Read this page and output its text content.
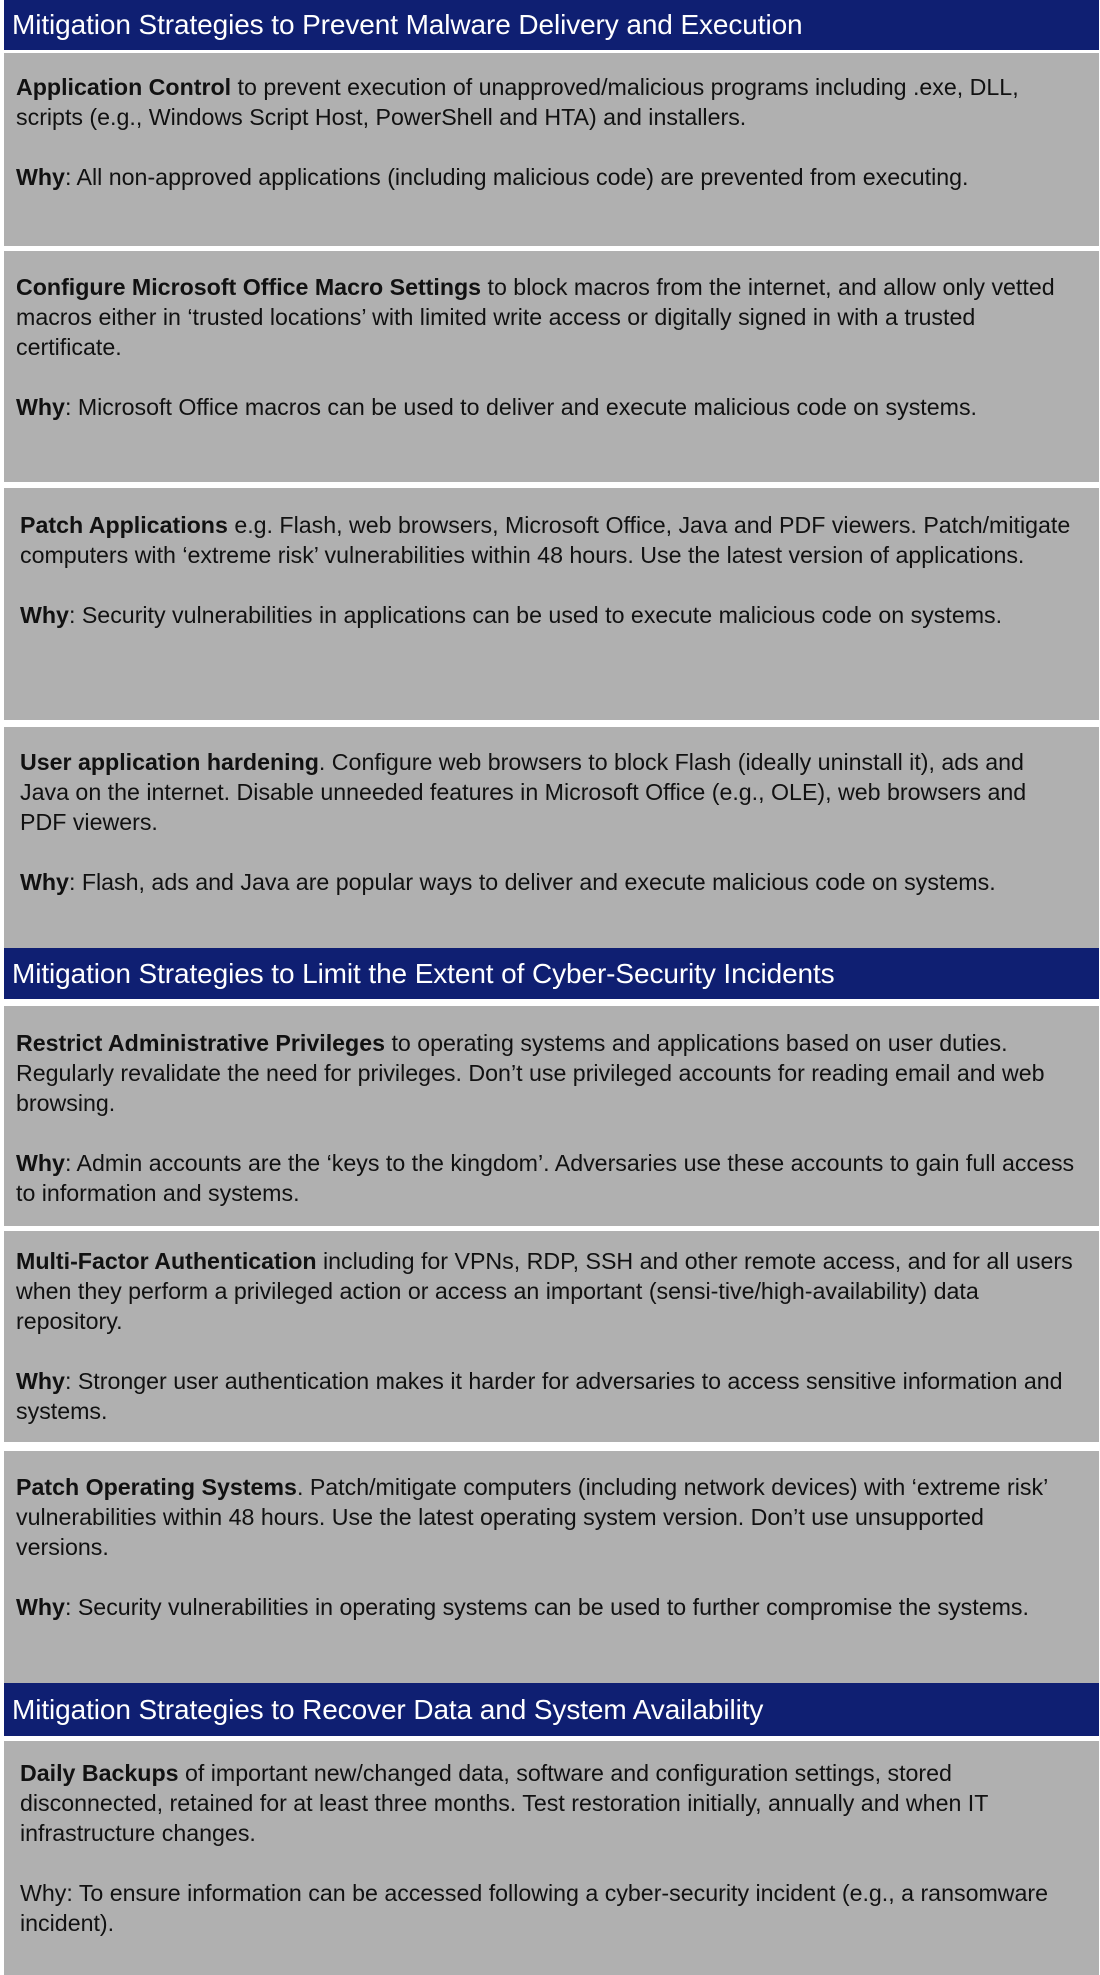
Mitigation Strategies to Prevent Malware Delivery and Execution

Application Control to prevent execution of unapproved/malicious programs including .exe, DLL, scripts (e.g., Windows Script Host, PowerShell and HTA) and installers.

Why: All non-approved applications (including malicious code) are prevented from executing.

Configure Microsoft Office Macro Settings to block macros from the internet, and allow only vetted macros either in ‘trusted locations’ with limited write access or digitally signed in with a trusted certificate.

Why: Microsoft Office macros can be used to deliver and execute malicious code on systems.

Patch Applications e.g. Flash, web browsers, Microsoft Office, Java and PDF viewers. Patch/mitigate computers with ‘extreme risk’ vulnerabilities within 48 hours. Use the latest version of applications.

Why: Security vulnerabilities in applications can be used to execute malicious code on systems.

User application hardening. Configure web browsers to block Flash (ideally uninstall it), ads and Java on the internet. Disable unneeded features in Microsoft Office (e.g., OLE), web browsers and PDF viewers.

Why: Flash, ads and Java are popular ways to deliver and execute malicious code on systems.

Mitigation Strategies to Limit the Extent of Cyber-Security Incidents

Restrict Administrative Privileges to operating systems and applications based on user duties. Regularly revalidate the need for privileges. Don’t use privileged accounts for reading email and web browsing.

Why: Admin accounts are the ‘keys to the kingdom’. Adversaries use these accounts to gain full access to information and systems.

Multi-Factor Authentication including for VPNs, RDP, SSH and other remote access, and for all users when they perform a privileged action or access an important (sensi-tive/high-availability) data repository.

Why: Stronger user authentication makes it harder for adversaries to access sensitive information and systems.

Patch Operating Systems. Patch/mitigate computers (including network devices) with ‘extreme risk’ vulnerabilities within 48 hours. Use the latest operating system version. Don’t use unsupported versions.

Why: Security vulnerabilities in operating systems can be used to further compromise the systems.

Mitigation Strategies to Recover Data and System Availability

Daily Backups of important new/changed data, software and configuration settings, stored disconnected, retained for at least three months. Test restoration initially, annually and when IT infrastructure changes.

Why: To ensure information can be accessed following a cyber-security incident (e.g., a ransomware incident).
